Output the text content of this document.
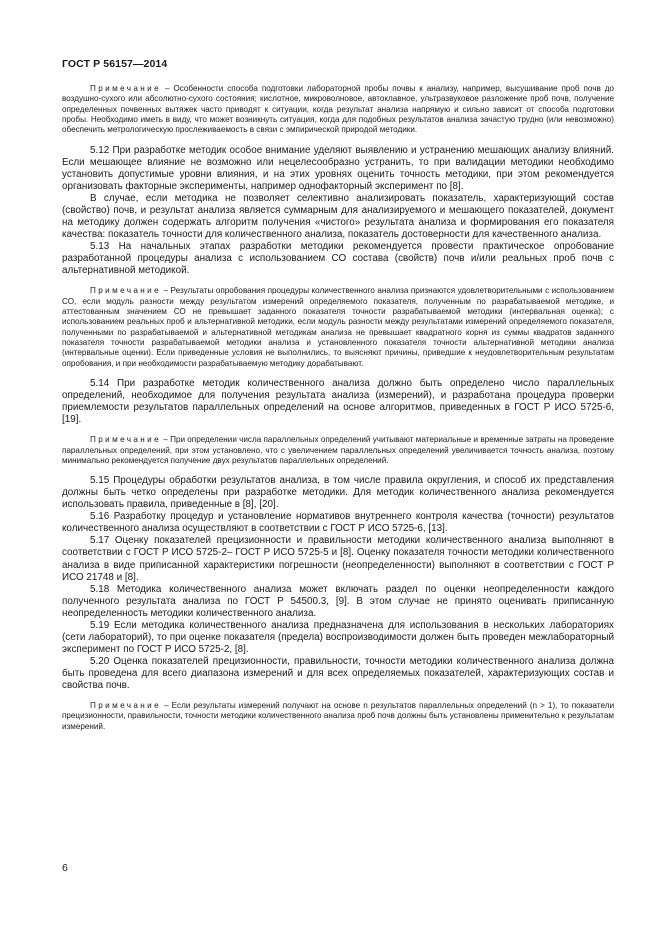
ГОСТ Р 56157—2014

Примечание – Особенности способа подготовки лабораторной пробы почвы к анализу, например, высушивание проб почв до воздушно-сухого или абсолютно-сухого состояния; кислотное, микроволновое, автоклавное, ультразвуковое разложение проб почв, получение определенных почвенных вытяжек часто приводят к ситуации, когда результат анализа напрямую и сильно зависит от способа подготовки пробы. Необходимо иметь в виду, что может возникнуть ситуация, когда для подобных результатов анализа зачастую трудно (или невозможно) обеспечить метрологическую прослеживаемость в связи с эмпирической природой методики.

5.12 При разработке методик особое внимание уделяют выявлению и устранению мешающих анализу влияний. Если мешающее влияние не возможно или нецелесообразно устранить, то при валидации методики необходимо установить допустимые уровни влияния, и на этих уровнях оценить точность методики, при этом рекомендуется организовать факторные эксперименты, например однофакторный эксперимент по [8].

В случае, если методика не позволяет селективно анализировать показатель, характеризующий состав (свойство) почв, и результат анализа является суммарным для анализируемого и мешающего показателей, документ на методику должен содержать алгоритм получения «чистого» результата анализа и формирования его показателя качества: показатель точности для количественного анализа, показатель достоверности для качественного анализа.

5.13 На начальных этапах разработки методики рекомендуется провести практическое опробование разработанной процедуры анализа с использованием СО состава (свойств) почв и/или реальных проб почв с альтернативной методикой.

Примечание – Результаты опробования процедуры количественного анализа признаются удовлетворительными с использованием СО, если модуль разности между результатом измерений определяемого показателя, полученным по разрабатываемой методике, и аттестованным значением СО не превышает заданного показателя точности разрабатываемой методики (интервальная оценка); с использованием реальных проб и альтернативной методики, если модуль разности между результатами измерений определяемого показателя, полученными по разрабатываемой и альтернативной методикам анализа не превышает квадратного корня из суммы квадратов заданного показателя точности разрабатываемой методики анализа и установленного показателя точности альтернативной методики анализа (интервальные оценки). Если приведенные условия не выполнились, то выясняют причины, приведшие к неудовлетворительным результатам опробования, и при необходимости разрабатываемую методику дорабатывают.

5.14 При разработке методик количественного анализа должно быть определено число параллельных определений, необходимое для получения результата анализа (измерений), и разработана процедура проверки приемлемости результатов параллельных определений на основе алгоритмов, приведенных в ГОСТ Р ИСО 5725-6, [19].

Примечание – При определении числа параллельных определений учитывают материальные и временные затраты на проведение параллельных определений, при этом установлено, что с увеличением параллельных определений увеличивается точность анализа, поэтому минимально рекомендуется получение двух результатов параллельных определений.

5.15 Процедуры обработки результатов анализа, в том числе правила округления, и способ их представления должны быть четко определены при разработке методики. Для методик количественного анализа рекомендуется использовать правила, приведенные в [8], [20].

5.16 Разработку процедур и установление нормативов внутреннего контроля качества (точности) результатов количественного анализа осуществляют в соответствии с ГОСТ Р ИСО 5725-6, [13].

5.17 Оценку показателей прецизионности и правильности методики количественного анализа выполняют в соответствии с ГОСТ Р ИСО 5725-2– ГОСТ Р ИСО 5725-5 и [8]. Оценку показателя точности методики количественного анализа в виде приписанной характеристики погрешности (неопределенности) выполняют в соответствии с ГОСТ Р ИСО 21748 и [8].

5.18 Методика количественного анализа может включать раздел по оценки неопределенности каждого полученного результата анализа по ГОСТ Р 54500.3, [9]. В этом случае не принято оценивать приписанную неопределенность методики количественного анализа.

5.19 Если методика количественного анализа предназначена для использования в нескольких лабораториях (сети лабораторий), то при оценке показателя (предела) воспроизводимости должен быть проведен межлабораторный эксперимент по ГОСТ Р ИСО 5725-2, [8].

5.20 Оценка показателей прецизионности, правильности, точности методики количественного анализа должна быть проведена для всего диапазона измерений и для всех определяемых показателей, характеризующих состав и свойства почв.

Примечание – Если результаты измерений получают на основе n результатов параллельных определений (n > 1), то показатели прецизионности, правильности, точности методики количественного анализа проб почв должны быть установлены применительно к результатам измерений.

6
